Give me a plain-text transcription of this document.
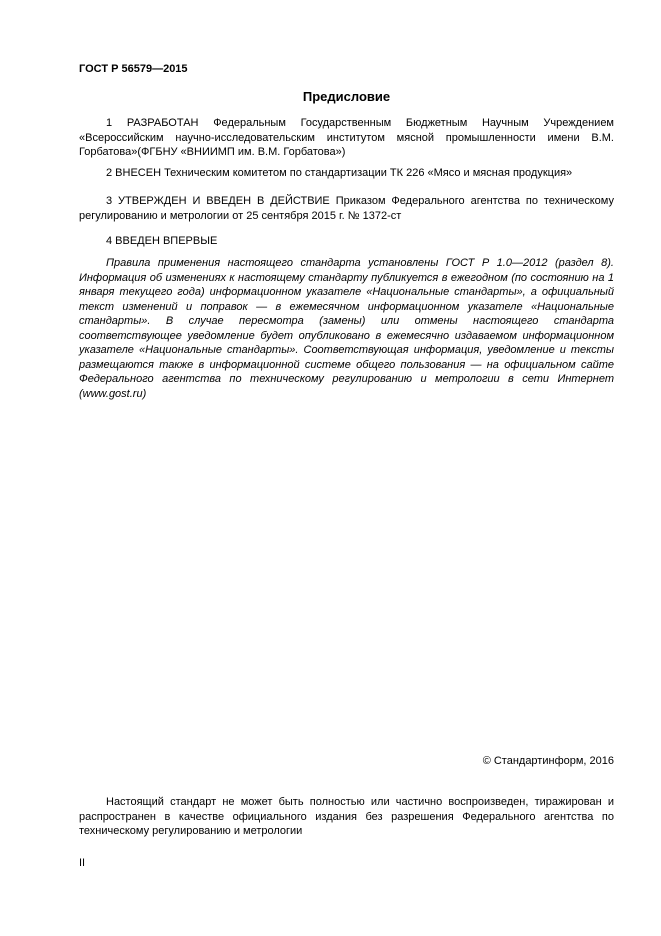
ГОСТ Р 56579—2015
Предисловие

1 РАЗРАБОТАН Федеральным Государственным Бюджетным Научным Учреждением «Всероссийским научно-исследовательским институтом мясной промышленности имени В.М. Горбатова»(ФГБНУ «ВНИИМП им. В.М. Горбатова»)

2 ВНЕСЕН Техническим комитетом по стандартизации ТК 226 «Мясо и мясная продукция»

3 УТВЕРЖДЕН И ВВЕДЕН В ДЕЙСТВИЕ Приказом Федерального агентства по техническому регулированию и метрологии от 25 сентября 2015 г. № 1372-ст

4 ВВЕДЕН ВПЕРВЫЕ

Правила применения настоящего стандарта установлены ГОСТ Р 1.0—2012 (раздел 8). Информация об изменениях к настоящему стандарту публикуется в ежегодном (по состоянию на 1 января текущего года) информационном указателе «Национальные стандарты», а официальный текст изменений и поправок — в ежемесячном информационном указателе «Национальные стандарты». В случае пересмотра (замены) или отмены настоящего стандарта соответствующее уведомление будет опубликовано в ежемесячно издаваемом информационном указателе «Национальные стандарты». Соответствующая информация, уведомление и тексты размещаются также в информационной системе общего пользования — на официальном сайте Федерального агентства по техническому регулированию и метрологии в сети Интернет (www.gost.ru)

© Стандартинформ, 2016

Настоящий стандарт не может быть полностью или частично воспроизведен, тиражирован и распространен в качестве официального издания без разрешения Федерального агентства по техническому регулированию и метрологии

II
